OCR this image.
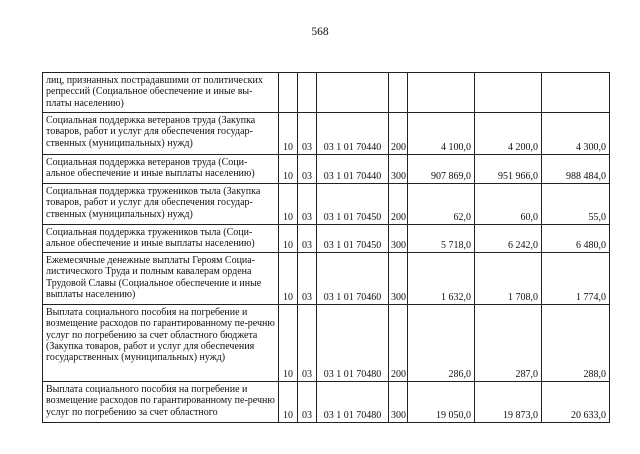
568
лиц, признанных пострадавшими от политических репрессий (Социальное обеспечение и иные вы-платы населению)							
Социальная поддержка ветеранов труда (Закупка товаров, работ и услуг для обеспечения государ-ственных (муниципальных) нужд)	10	03	03 1 01 70440	200	4 100,0	4 200,0	4 300,0
Социальная поддержка ветеранов труда (Соци-альное обеспечение и иные выплаты населению)	10	03	03 1 01 70440	300	907 869,0	951 966,0	988 484,0
Социальная поддержка тружеников тыла (Закупка товаров, работ и услуг для обеспечения государ-ственных (муниципальных) нужд)	10	03	03 1 01 70450	200	62,0	60,0	55,0
Социальная поддержка тружеников тыла (Соци-альное обеспечение и иные выплаты населению)	10	03	03 1 01 70450	300	5 718,0	6 242,0	6 480,0
Ежемесячные денежные выплаты Героям Социа-листического Труда и полным кавалерам ордена Трудовой Славы (Социальное обеспечение и иные выплаты населению)	10	03	03 1 01 70460	300	1 632,0	1 708,0	1 774,0
Выплата социального пособия на погребение и возмещение расходов по гарантированному пе-речню услуг по погребению за счет областного бюджета (Закупка товаров, работ и услуг для обеспечения государственных (муниципальных) нужд)	10	03	03 1 01 70480	200	286,0	287,0	288,0
Выплата социального пособия на погребение и возмещение расходов по гарантированному пе-речню услуг по погребению за счет областного	10	03	03 1 01 70480	300	19 050,0	19 873,0	20 633,0
